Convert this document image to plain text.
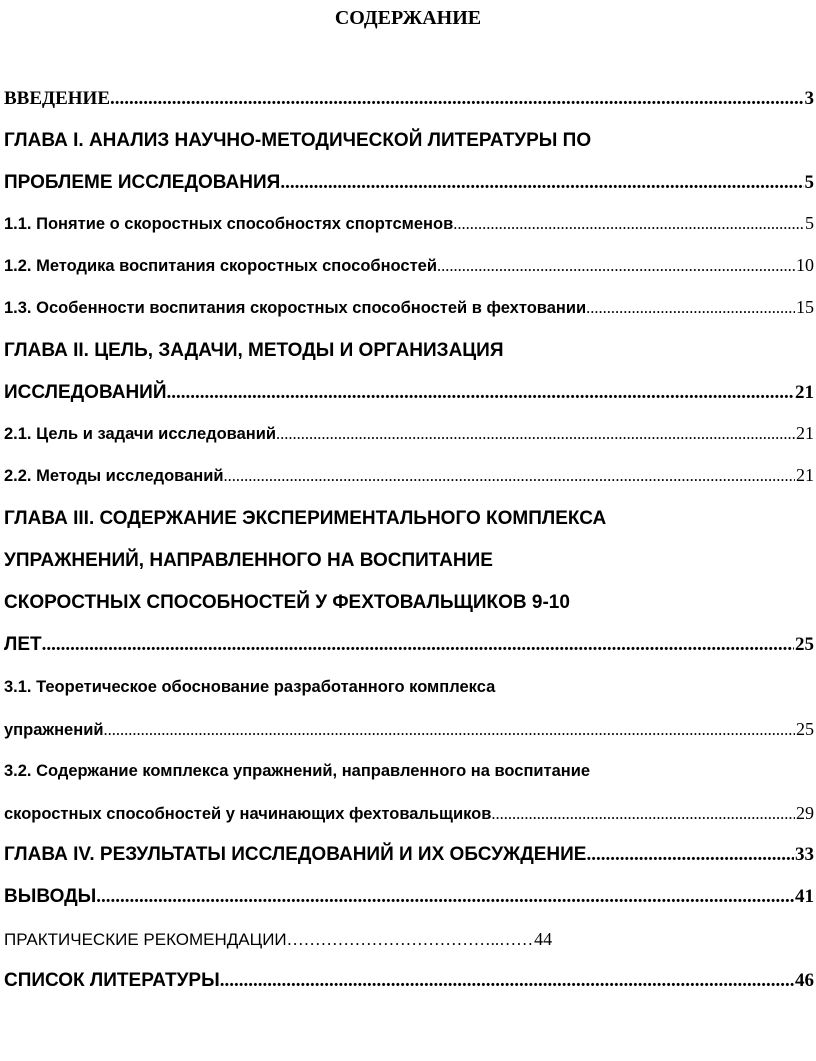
СОДЕРЖАНИЕ
ВВЕДЕНИЕ .....	3
ГЛАВА I. АНАЛИЗ НАУЧНО-МЕТОДИЧЕСКОЙ ЛИТЕРАТУРЫ ПО
ПРОБЛЕМЕ ИССЛЕДОВАНИЯ .....	5
1.1. Понятие о скоростных способностях спортсменов .....	5
1.2. Методика воспитания скоростных способностей .....	10
1.3. Особенности воспитания скоростных способностей в фехтовании .....	15
ГЛАВА II. ЦЕЛЬ, ЗАДАЧИ, МЕТОДЫ И ОРГАНИЗАЦИЯ
ИССЛЕДОВАНИЙ .....	21
2.1. Цель и задачи исследований .....	21
2.2. Методы исследований .....	21
ГЛАВА III. СОДЕРЖАНИЕ ЭКСПЕРИМЕНТАЛЬНОГО КОМПЛЕКСА
УПРАЖНЕНИЙ, НАПРАВЛЕННОГО НА ВОСПИТАНИЕ
СКОРОСТНЫХ СПОСОБНОСТЕЙ У ФЕХТОВАЛЬЩИКОВ 9-10
ЛЕТ .....	25
3.1. Теоретическое обоснование разработанного комплекса
упражнений .....	25
3.2. Содержание комплекса упражнений, направленного на воспитание
скоростных способностей у начинающих фехтовальщиков .....	29
ГЛАВА IV. РЕЗУЛЬТАТЫ ИССЛЕДОВАНИЙ И ИХ ОБСУЖДЕНИЕ .....	33
ВЫВОДЫ .....	41
ПРАКТИЧЕСКИЕ РЕКОМЕНДАЦИИ………………………………..……44
СПИСОК ЛИТЕРАТУРЫ .....	46
